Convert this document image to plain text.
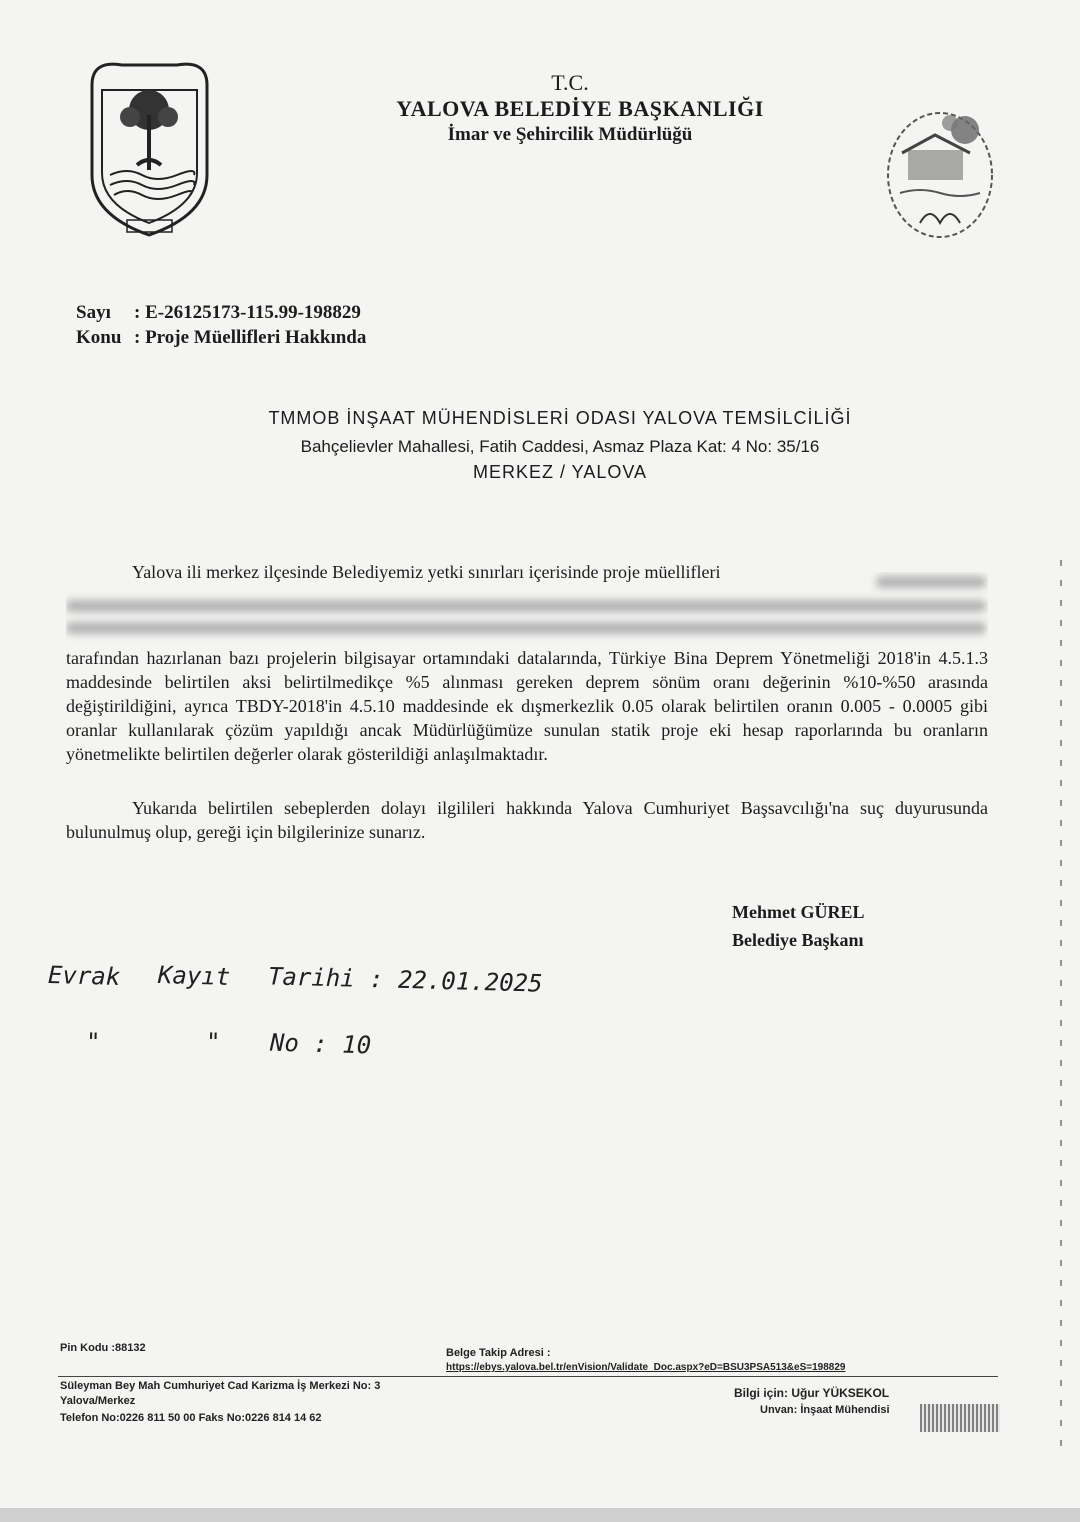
T.C.
YALOVA BELEDİYE BAŞKANLIĞI
İmar ve Şehircilik Müdürlüğü
Sayı : E-26125173-115.99-198829
Konu : Proje Müellifleri Hakkında
TMMOB İNŞAAT MÜHENDİSLERİ ODASI YALOVA TEMSİLCİLİĞİ
Bahçelievler Mahallesi, Fatih Caddesi, Asmaz Plaza Kat: 4 No: 35/16
MERKEZ / YALOVA

Yalova ili merkez ilçesinde Belediyemiz yetki sınırları içerisinde proje müellifleri

tarafından hazırlanan bazı projelerin bilgisayar ortamındaki datalarında, Türkiye Bina Deprem Yönetmeliği 2018'in 4.5.1.3 maddesinde belirtilen aksi belirtilmedikçe %5 alınması gereken deprem sönüm oranı değerinin %10-%50 arasında değiştirildiğini, ayrıca TBDY-2018'in 4.5.10 maddesinde ek dışmerkezlik 0.05 olarak belirtilen oranın 0.005 - 0.0005 gibi oranlar kullanılarak çözüm yapıldığı ancak Müdürlüğümüze sunulan statik proje eki hesap raporlarında bu oranların yönetmelikte belirtilen değerler olarak gösterildiği anlaşılmaktadır.

Yukarıda belirtilen sebeplerden dolayı ilgilileri hakkında Yalova Cumhuriyet Başsavcılığı'na suç duyurusunda bulunulmuş olup, gereği için bilgilerinize sunarız.

Mehmet GÜREL
Belediye Başkanı
Evrak Kayıt Tarihi : 22.01.2025
"	" No : 10
Pin Kodu :88132	Belge Takip Adresi :
https://ebys.yalova.bel.tr/enVision/Validate_Doc.aspx?eD=BSU3PSA513&eS=198829
Süleyman Bey Mah Cumhuriyet Cad Karizma İş Merkezi No: 3
Yalova/Merkez
Telefon No:0226 811 50 00 Faks No:0226 814 14 62
Bilgi için: Uğur YÜKSEKOL
Unvan: İnşaat Mühendisi
